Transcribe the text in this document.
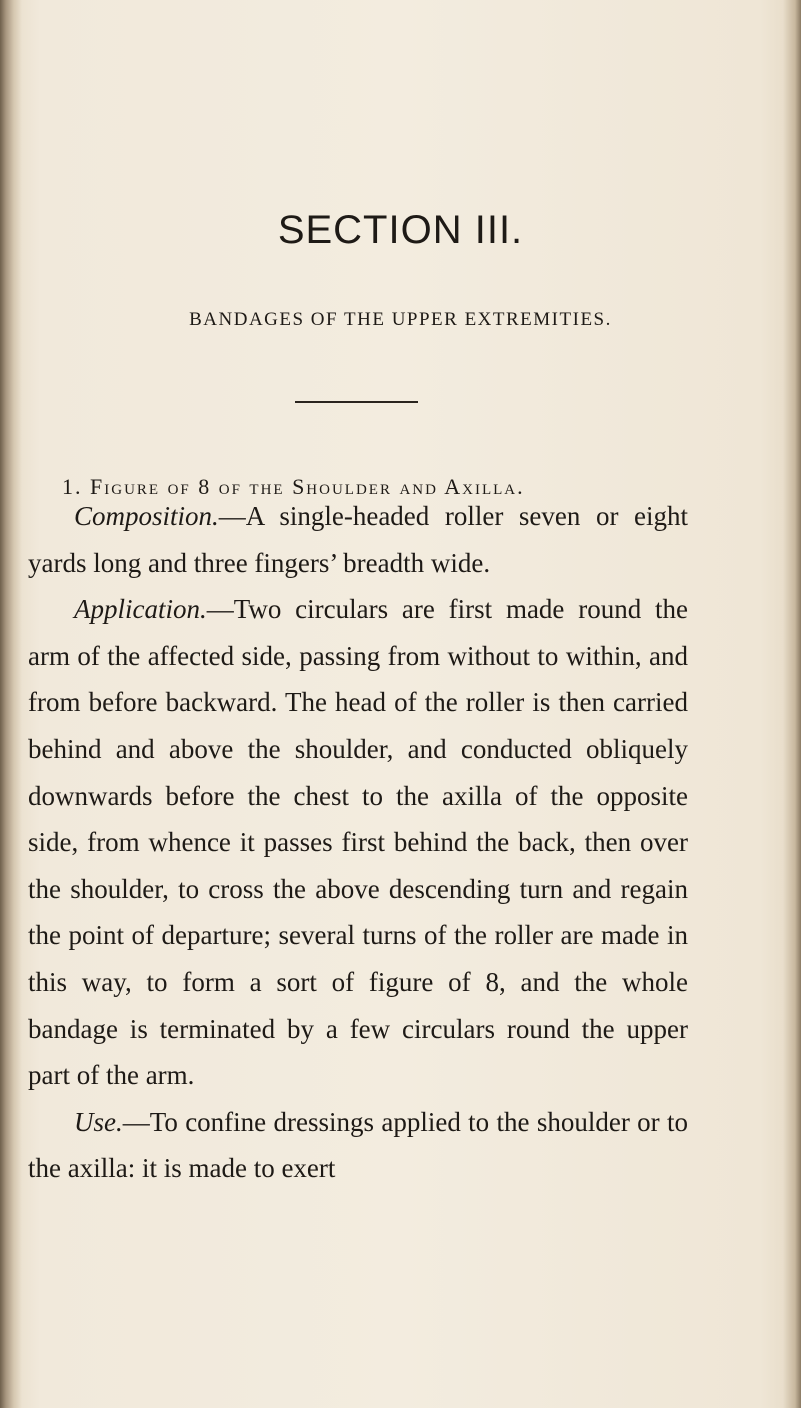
SECTION III.
BANDAGES OF THE UPPER EXTREMITIES.
1. Figure of 8 of the Shoulder and Axilla.

Composition.—A single-headed roller seven or eight yards long and three fingers’ breadth wide.

Application.—Two circulars are first made round the arm of the affected side, passing from without to within, and from before backward. The head of the roller is then carried behind and above the shoulder, and conducted obliquely downwards before the chest to the axilla of the opposite side, from whence it passes first behind the back, then over the shoulder, to cross the above descending turn and regain the point of departure; several turns of the roller are made in this way, to form a sort of figure of 8, and the whole bandage is terminated by a few circulars round the upper part of the arm.

Use.—To confine dressings applied to the shoulder or to the axilla: it is made to exert
